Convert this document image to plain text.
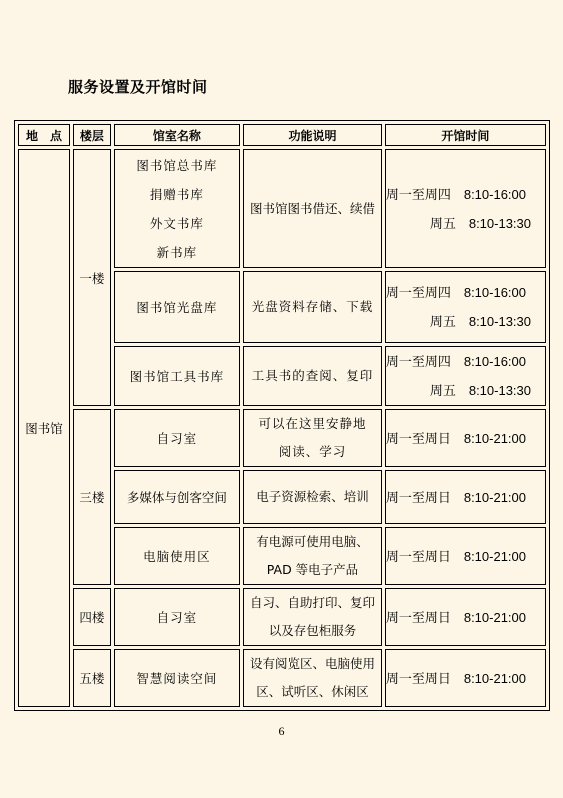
服务设置及开馆时间
地　点	楼层	馆室名称	功能说明	开馆时间
图书馆	一楼	图书馆总书库
捐赠书库
外文书库
新书库	图书馆图书借还、续借	周一至周四　8:10-16:00
周五　8:10-13:30

		图书馆光盘库	光盘资料存储、下载	周一至周四　8:10-16:00
周五　8:10-13:30

		图书馆工具书库	工具书的查阅、复印	周一至周四　8:10-16:00
周五　8:10-13:30

	三楼	自习室	可以在这里安静地
阅读、学习	周一至周日　8:10-21:00

		多媒体与创客空间	电子资源检索、培训	周一至周日　8:10-21:00

		电脑使用区	有电源可使用电脑、
PAD 等电子产品	周一至周日　8:10-21:00

	四楼	自习室	自习、自助打印、复印
以及存包柜服务	周一至周日　8:10-21:00

	五楼	智慧阅读空间	设有阅览区、电脑使用
区、试听区、休闲区	周一至周日　8:10-21:00
6
